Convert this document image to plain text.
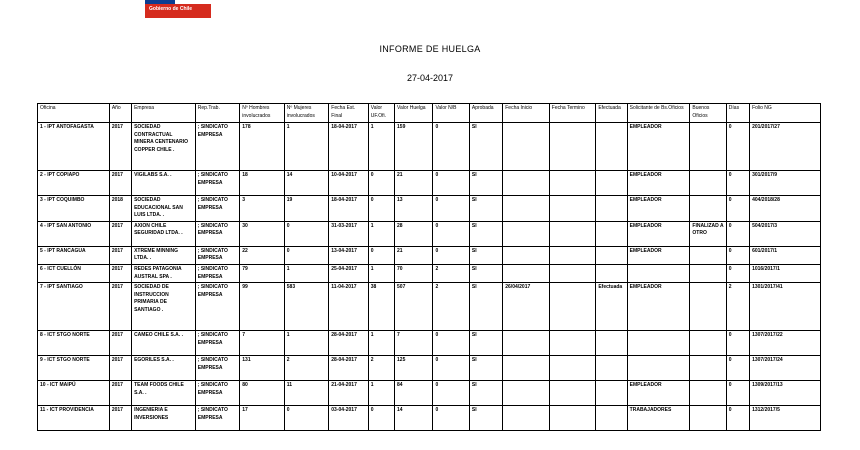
Gobierno de Chile
INFORME DE HUELGA
27-04-2017
Oficina	Año	Empresa	Rep.Trab.	Nº Hombres involucrados	Nº Mujeres involucrados	Fecha Est. Final	Valor UF.Ofi.	Valor Huelga	Valor N/B	Aprobada	Fecha Inicio	Fecha Termino	Efectuada	Solicitante de Bs.Oficios	Buenos Oficios	Días	Folio NG
1 - IPT ANTOFAGASTA	2017	SOCIEDAD CONTRACTUAL MINERA CENTENARIO COPPER CHILE .	; SINDICATO EMPRESA	178	1	18-04-2017	1	159	0	SI				EMPLEADOR		0	201/2017/27
2 - IPT COPIAPO	2017	VIGILABS S.A. .	; SINDICATO EMPRESA	18	14	10-04-2017	0	21	0	SI				EMPLEADOR		0	301/2017/9
3 - IPT COQUIMBO	2018	SOCIEDAD EDUCACIONAL SAN LUIS LTDA. .	; SINDICATO EMPRESA	3	19	18-04-2017	0	13	0	SI				EMPLEADOR		0	404/2018/28
4 - IPT SAN ANTONIO	2017	AXION CHILE SEGURIDAD LTDA. .	; SINDICATO EMPRESA	30	0	31-03-2017	1	28	0	SI				EMPLEADOR	FINALIZAD A OTRO	0	504/2017/3
5 - IPT RANCAGUA	2017	XTREME MINNING LTDA. .	; SINDICATO EMPRESA	22	0	13-04-2017	0	21	0	SI				EMPLEADOR		0	601/2017/1
6 - ICT CUELLÓN	2017	REDES PATAGONIA AUSTRAL SPA .	; SINDICATO EMPRESA	79	1	25-04-2017	1	70	2	SI						0	1016/2017/1
7 - IPT SANTIAGO	2017	SOCIEDAD DE INSTRUCCION PRIMARIA DE SANTIAGO .	; SINDICATO EMPRESA	99	583	11-04-2017	38	507	2	SI	26/04/2017		Efectuada	EMPLEADOR		2	1301/2017/41
8 - ICT STGO NORTE	2017	CAMEO CHILE S.A. .	; SINDICATO EMPRESA	7	1	28-04-2017	1	7	0	SI						0	1307/2017/22
9 - ICT STGO NORTE	2017	EGORILES S.A. .	; SINDICATO EMPRESA	131	2	28-04-2017	2	125	0	SI						0	1307/2017/24
10 - ICT MAIPÚ	2017	TEAM FOODS CHILE S.A. .	; SINDICATO EMPRESA	80	11	21-04-2017	1	84	0	SI				EMPLEADOR		0	1309/2017/13
11 - ICT PROVIDENCIA	2017	INGENIERIA E INVERSIONES	; SINDICATO EMPRESA	17	0	03-04-2017	0	14	0	SI				TRABAJADORES		0	1312/2017/5
